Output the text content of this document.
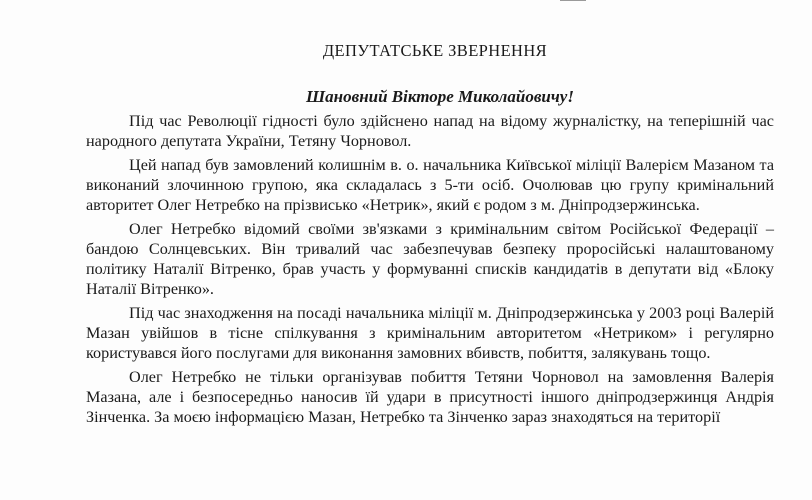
ДЕПУТАТСЬКЕ ЗВЕРНЕННЯ
Шановний Вікторе Миколайовичу!

Під час Революції гідності було здійснено напад на відому журналістку, на теперішній час народного депутата України, Тетяну Чорновол.

Цей напад був замовлений колишнім в. о. начальника Київської міліції Валерієм Мазаном та виконаний злочинною групою, яка складалась з 5-ти осіб. Очолював цю групу кримінальний авторитет Олег Нетребко на прізвисько «Нетрик», який є родом з м. Дніпродзержинська.

Олег Нетребко відомий своїми зв'язками з кримінальним світом Російської Федерації – бандою Солнцевських. Він тривалий час забезпечував безпеку проросійські налаштованому політику Наталії Вітренко, брав участь у формуванні списків кандидатів в депутати від «Блоку Наталії Вітренко».

Під час знаходження на посаді начальника міліції м. Дніпродзержинська у 2003 році Валерій Мазан увійшов в тісне спілкування з кримінальним авторитетом «Нетриком» і регулярно користувався його послугами для виконання замовних вбивств, побиття, залякувань тощо.

Олег Нетребко не тільки організував побиття Тетяни Чорновол на замовлення Валерія Мазана, але і безпосередньо наносив їй удари в присутності іншого дніпродзержинця Андрія Зінченка. За моєю інформацією Мазан, Нетребко та Зінченко зараз знаходяться на території
